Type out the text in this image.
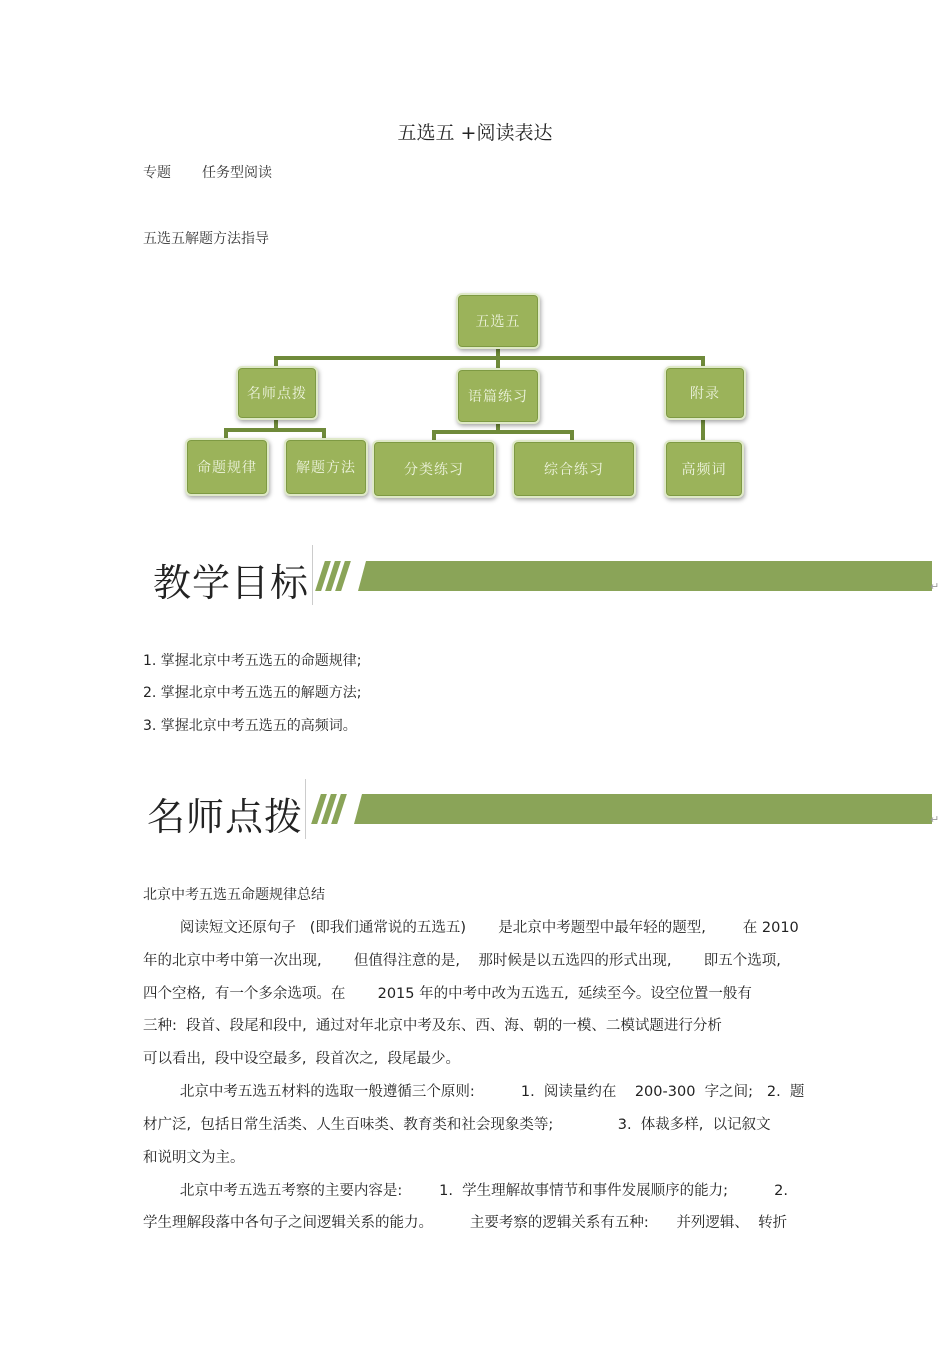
五选五 +阅读表达
专题 任务型阅读
五选五解题方法指导
五选五
名师点拨	语篇练习	附录
命题规律	解题方法	分类练习	综合练习	高频词
教学目标	↵
1. 掌握北京中考五选五的命题规律;
2. 掌握北京中考五选五的解题方法;
3. 掌握北京中考五选五的高频词。
名师点拨	↵
北京中考五选五命题规律总结
阅读短文还原句子   (即我们通常说的五选五)       是北京中考题型中最年轻的题型,        在 2010
年的北京中考中第一次出现,       但值得注意的是,    那时候是以五选四的形式出现,       即五个选项,
四个空格,  有一个多余选项。在       2015 年的中考中改为五选五,  延续至今。设空位置一般有
三种:  段首、段尾和段中,  通过对年北京中考及东、西、海、朝的一模、二模试题进行分析
可以看出,  段中设空最多,  段首次之,  段尾最少。
北京中考五选五材料的选取一般遵循三个原则:          1.  阅读量约在    200-300  字之间;   2.  题
材广泛,  包括日常生活类、人生百味类、教育类和社会现象类等;              3.  体裁多样,  以记叙文
和说明文为主。
北京中考五选五考察的主要内容是:        1.  学生理解故事情节和事件发展顺序的能力;          2.
学生理解段落中各句子之间逻辑关系的能力。        主要考察的逻辑关系有五种:      并列逻辑、  转折
